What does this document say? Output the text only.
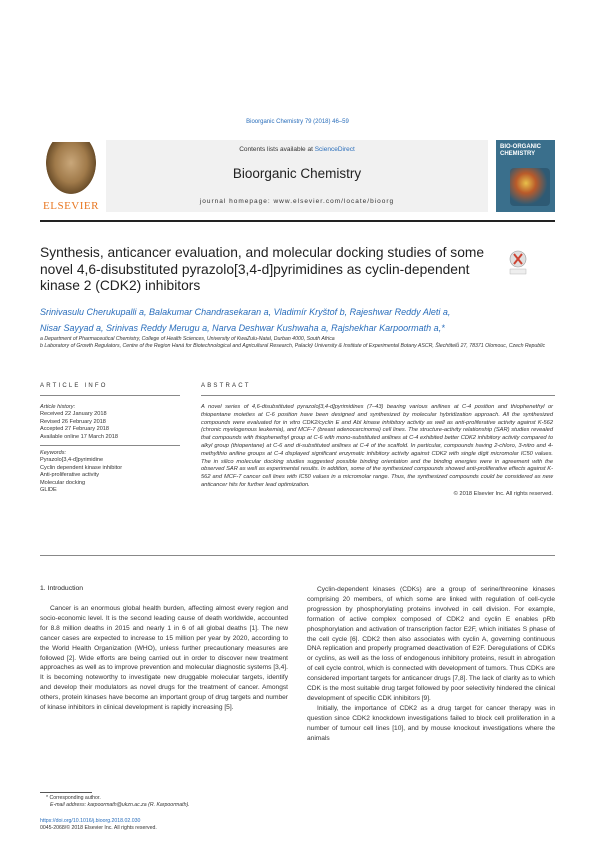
Bioorganic Chemistry 79 (2018) 46–59
ELSEVIER
Contents lists available at ScienceDirect
Bioorganic Chemistry
journal homepage: www.elsevier.com/locate/bioorg
BIO-ORGANIC CHEMISTRY
Synthesis, anticancer evaluation, and molecular docking studies of some novel 4,6-disubstituted pyrazolo[3,4-d]pyrimidines as cyclin-dependent kinase 2 (CDK2) inhibitors
Srinivasulu Cherukupalli a, Balakumar Chandrasekaran a, Vladimír Kryštof b, Rajeshwar Reddy Aleti a,
Nisar Sayyad a, Srinivas Reddy Merugu a, Narva Deshwar Kushwaha a, Rajshekhar Karpoormath a,*
a Department of Pharmaceutical Chemistry, College of Health Sciences, University of KwaZulu-Natal, Durban 4000, South Africa
b Laboratory of Growth Regulators, Centre of the Region Haná for Biotechnological and Agricultural Research, Palacký University & Institute of Experimental Botany ASCR, Šlechtitelů 27, 78371 Olomouc, Czech Republic
ARTICLE INFO	ABSTRACT
Article history:
Received 22 January 2018
Revised 26 February 2018
Accepted 27 February 2018
Available online 17 March 2018
Keywords:
Pyrazolo[3,4-d]pyrimidine
Cyclin dependent kinase inhibitor
Anti-proliferative activity
Molecular docking
GLIDE

A novel series of 4,6-disubstituted pyrazolo[3,4-d]pyrimidines (7–43) bearing various anilines at C-4 position and thiophenethyl or thiopentane moieties at C-6 position have been designed and synthesized by molecular hybridization approach. All the synthesized compounds were evaluated for in vitro CDK2/cyclin E and Abl kinase inhibitory activity as well as anti-proliferative activity against K-562 (chronic myelogenous leukemia), and MCF-7 (breast adenocarcinoma) cell lines. The structure-activity relationship (SAR) studies revealed that compounds with thiophenethyl group at C-6 with mono-substituted anilines at C-4 exhibited better CDK2 inhibitory activity compared to alkyl group (thiopentane) at C-6 and di-substituted anilines at C-4 of the scaffold. In particular, compounds having 2-chloro, 3-nitro and 4-methylthio aniline groups at C-4 displayed significant enzymatic inhibitory activity against CDK2 with single digit micromolar IC50 values. The in silico molecular docking studies suggested possible binding orientation and the binding energies were in agreement with the observed SAR as well as experimental results. In addition, some of the synthesized compounds showed anti-proliferative effects against K-562 and MCF-7 cancer cell lines with IC50 values in a micromolar range. Thus, the synthesized compounds could be considered as new anticancer hits for further lead optimization.

© 2018 Elsevier Inc. All rights reserved.

1. Introduction

Cancer is an enormous global health burden, affecting almost every region and socio-economic level. It is the second leading cause of death worldwide, accounted for 8.8 million deaths in 2015 and nearly 1 in 6 of all global deaths [1]. The new cancer cases are expected to increase to 15 million per year by 2020, according to the World Health Organization (WHO), unless further precautionary measures are followed [2]. Wide efforts are being carried out in order to discover new treatment approaches as well as to improve prevention and molecular diagnostic systems [3,4]. It is becoming noteworthy to investigate new druggable molecular targets, identify and develop their modulators as novel drugs for the treatment of cancer. Amongst others, protein kinases have become an important group of drug targets and number of kinase inhibitors in clinical development is rapidly increasing [5].

Cyclin-dependent kinases (CDKs) are a group of serine/threonine kinases comprising 20 members, of which some are linked with regulation of cell-cycle progression by phosphorylating proteins involved in cell division. For example, formation of active complex composed of CDK2 and cyclin E enables pRb phosphorylation and activation of transcription factor E2F, which initiates S phase of the cell cycle [6]. CDK2 then also associates with cyclin A, governing continuous DNA replication and properly programed deactivation of E2F. Deregulations of CDKs or cyclins, as well as the loss of endogenous inhibitory proteins, result in abrogation of cell cycle control, which is connected with development of tumors. Thus CDKs are considered important targets for anticancer drugs [7,8]. The lack of clarity as to which CDK is the most suitable drug target followed by poor selectivity hindered the clinical development of specific CDK inhibitors [9].

Initially, the importance of CDK2 as a drug target for cancer therapy was in question since CDK2 knockdown investigations failed to block cell proliferation in a number of tumour cell lines [10], and by mouse knockout investigations where the animals

* Corresponding author.
E-mail address: karpoormath@ukzn.ac.za (R. Karpoormath).
https://doi.org/10.1016/j.bioorg.2018.02.030
0045-2068/© 2018 Elsevier Inc. All rights reserved.
